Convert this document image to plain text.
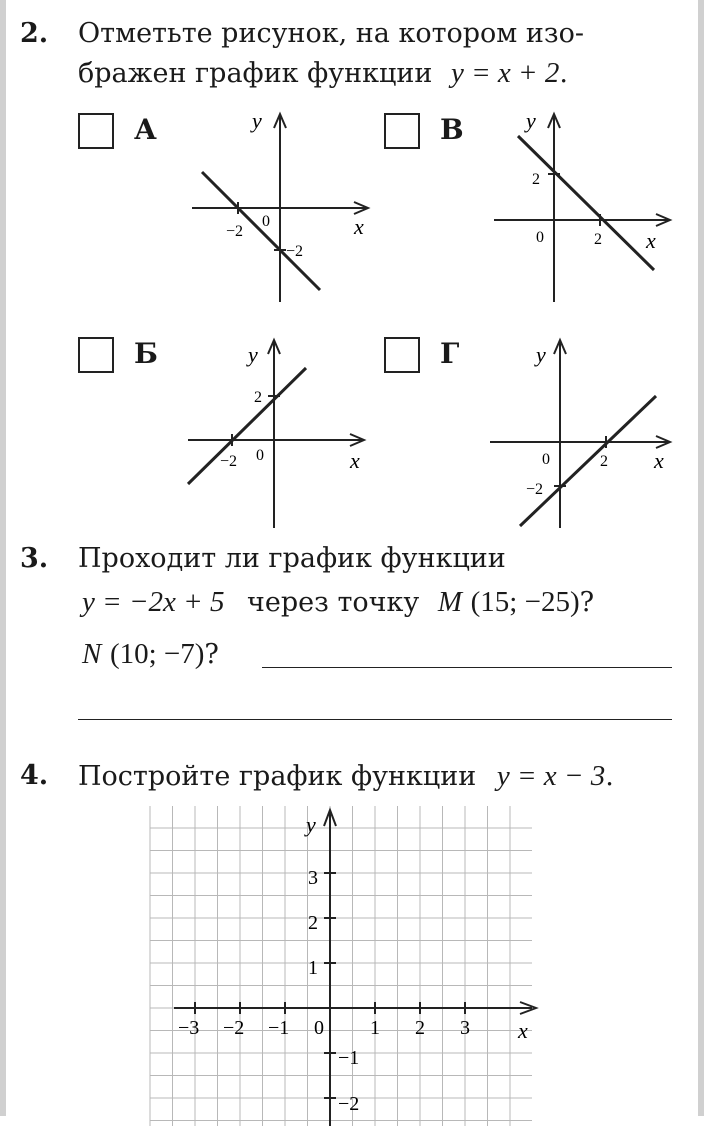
2. Отметьте рисунок, на котором изо-
бражен график функции y = x + 2.
А	y
x
0
−2
−2
В	y
x
2
0	2
Б	y
x
2
−2 0
Г	y
x
0	2
−2
3. Проходит ли график функции
y = −2x + 5 через точку M (15; −25)?
N (10; −7)?
4. Постройте график функции y = x − 3.
y
x
0
−3 −2 −1	1 2 3
3
2
1
−1
−2
